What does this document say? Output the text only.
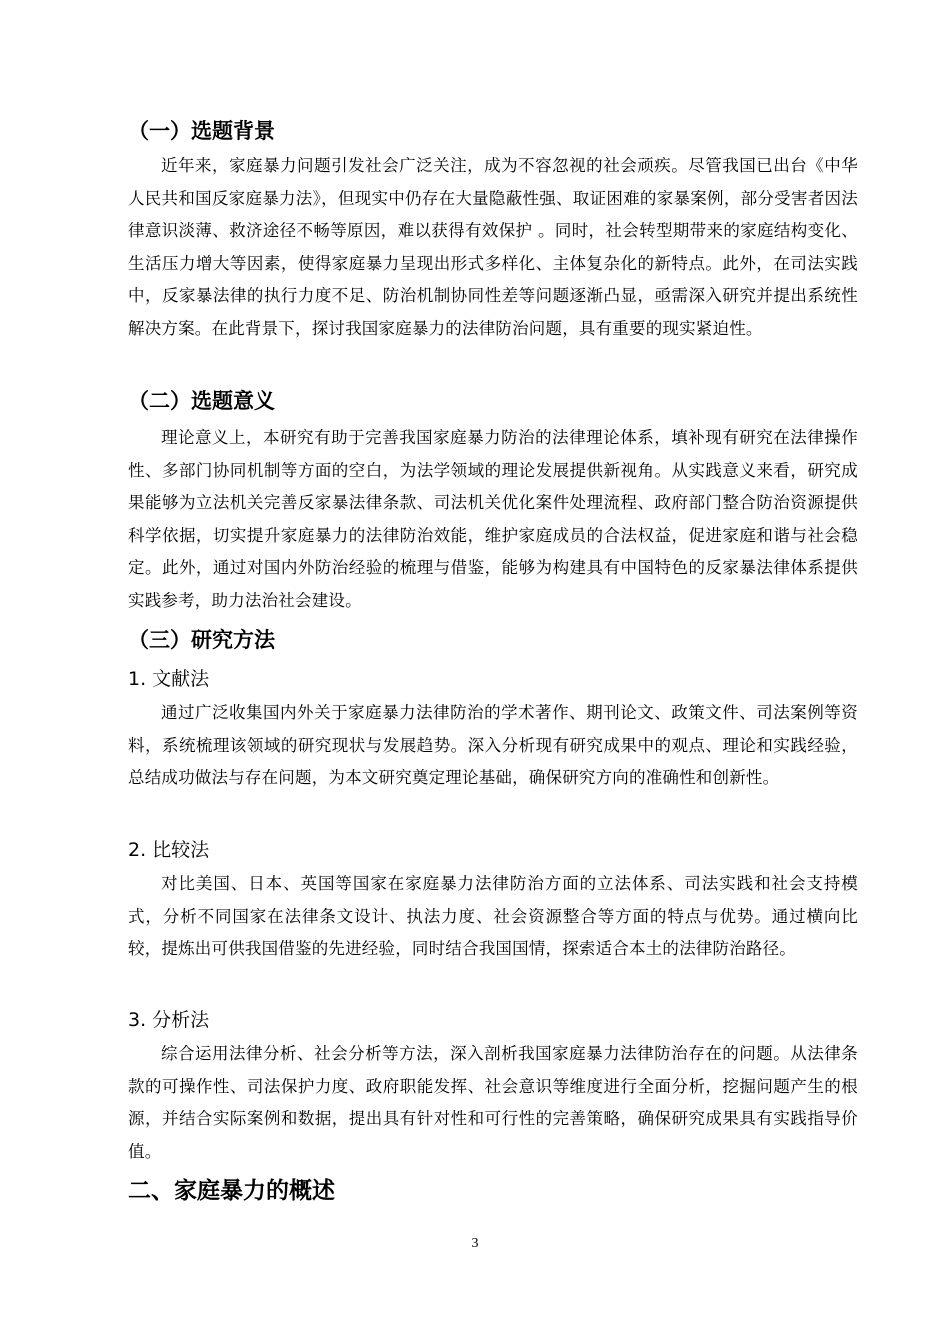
（一）选题背景

近年来，家庭暴力问题引发社会广泛关注，成为不容忽视的社会顽疾。尽管我国已出台《中华人民共和国反家庭暴力法》，但现实中仍存在大量隐蔽性强、取证困难的家暴案例，部分受害者因法律意识淡薄、救济途径不畅等原因，难以获得有效保护 。同时，社会转型期带来的家庭结构变化、生活压力增大等因素，使得家庭暴力呈现出形式多样化、主体复杂化的新特点。此外，在司法实践中，反家暴法律的执行力度不足、防治机制协同性差等问题逐渐凸显，亟需深入研究并提出系统性解决方案。在此背景下，探讨我国家庭暴力的法律防治问题，具有重要的现实紧迫性。

（二）选题意义

理论意义上，本研究有助于完善我国家庭暴力防治的法律理论体系，填补现有研究在法律操作性、多部门协同机制等方面的空白，为法学领域的理论发展提供新视角。从实践意义来看，研究成果能够为立法机关完善反家暴法律条款、司法机关优化案件处理流程、政府部门整合防治资源提供科学依据，切实提升家庭暴力的法律防治效能，维护家庭成员的合法权益，促进家庭和谐与社会稳定。此外，通过对国内外防治经验的梳理与借鉴，能够为构建具有中国特色的反家暴法律体系提供实践参考，助力法治社会建设。

（三）研究方法
1. 文献法

通过广泛收集国内外关于家庭暴力法律防治的学术著作、期刊论文、政策文件、司法案例等资料，系统梳理该领域的研究现状与发展趋势。深入分析现有研究成果中的观点、理论和实践经验，总结成功做法与存在问题，为本文研究奠定理论基础，确保研究方向的准确性和创新性。

2. 比较法

对比美国、日本、英国等国家在家庭暴力法律防治方面的立法体系、司法实践和社会支持模式，分析不同国家在法律条文设计、执法力度、社会资源整合等方面的特点与优势。通过横向比较，提炼出可供我国借鉴的先进经验，同时结合我国国情，探索适合本土的法律防治路径。

3. 分析法

综合运用法律分析、社会分析等方法，深入剖析我国家庭暴力法律防治存在的问题。从法律条款的可操作性、司法保护力度、政府职能发挥、社会意识等维度进行全面分析，挖掘问题产生的根源，并结合实际案例和数据，提出具有针对性和可行性的完善策略，确保研究成果具有实践指导价值。

二、家庭暴力的概述
3
